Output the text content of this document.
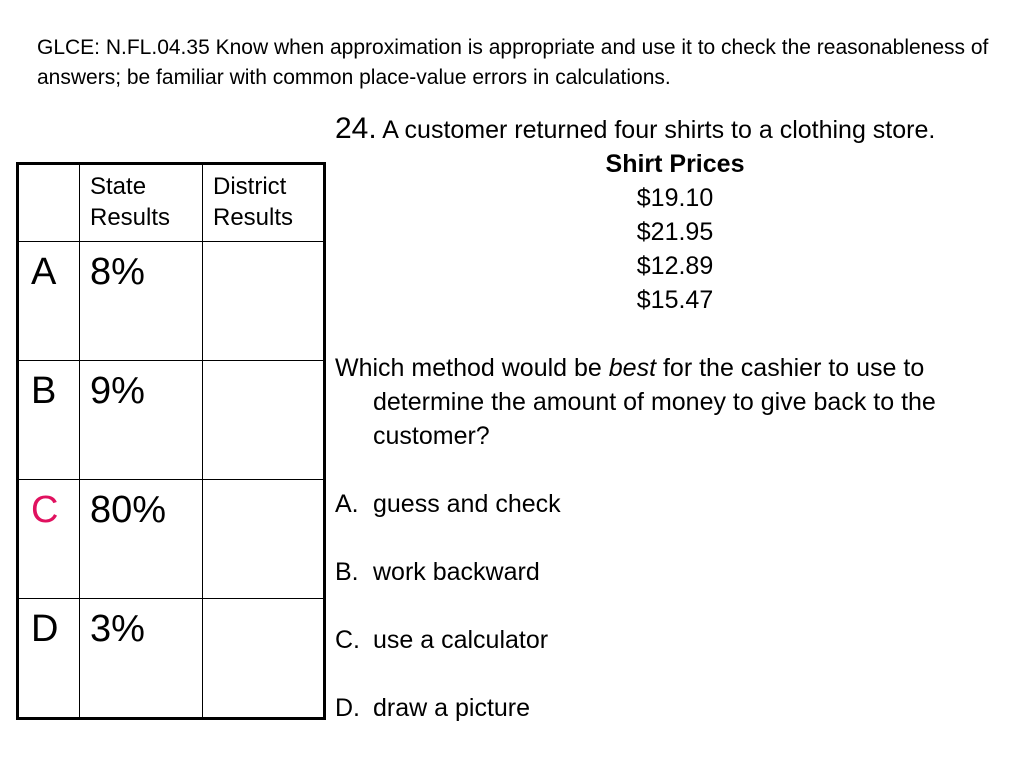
GLCE: N.FL.04.35 Know when approximation is appropriate and use it to check the reasonableness of answers; be familiar with common place-value errors in calculations.
	State Results	District Results
A	8%	
B	9%	
C	80%	
D	3%	
24. A customer returned four shirts to a clothing store.
Shirt Prices
$19.10
$21.95
$12.89
$15.47
Which method would be best for the cashier to use to determine the amount of money to give back to the customer?
A. guess and check
B. work backward
C. use a calculator
D. draw a picture
